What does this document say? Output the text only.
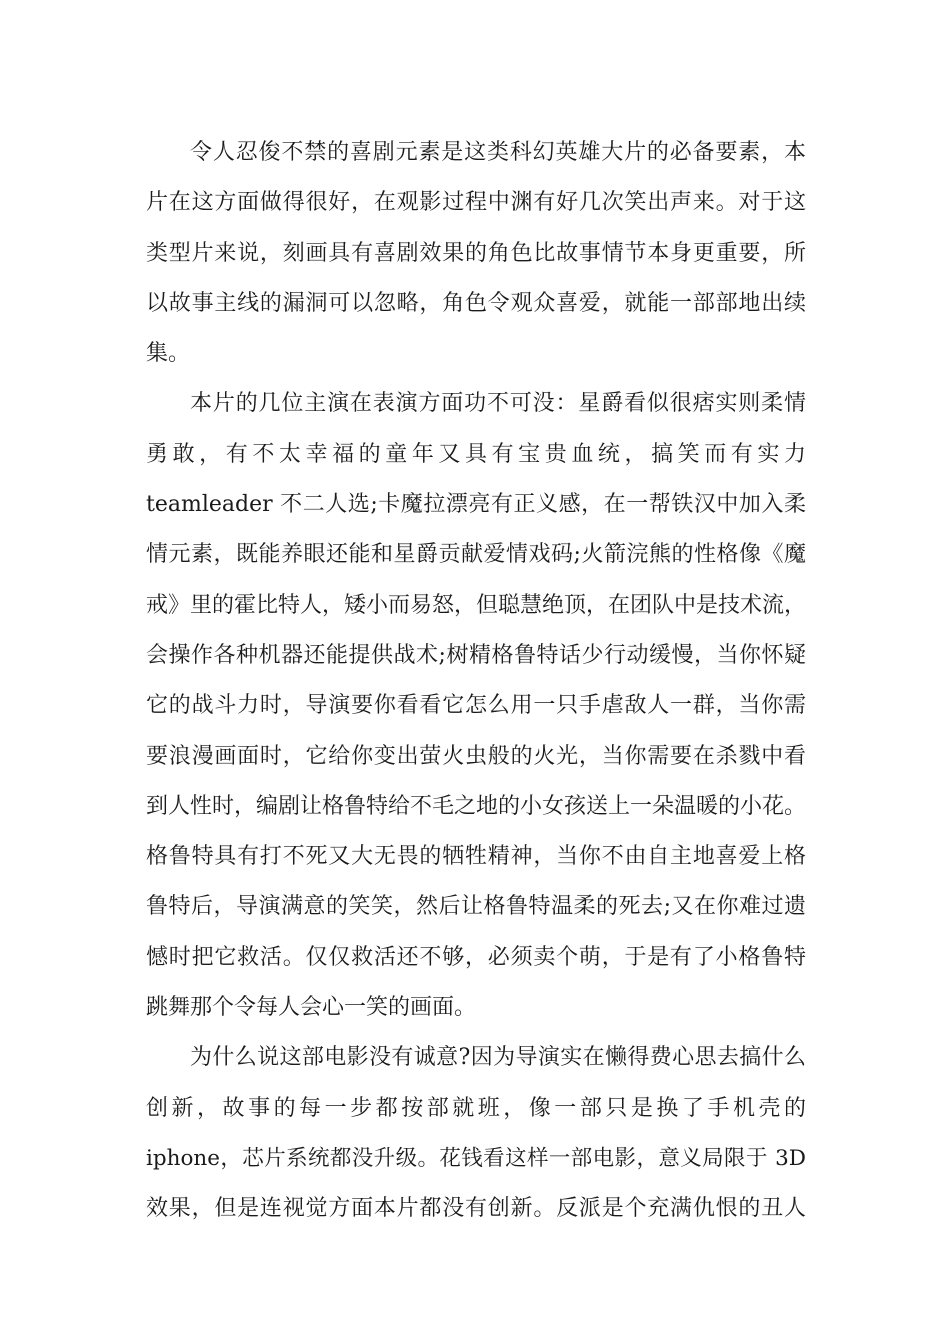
令人忍俊不禁的喜剧元素是这类科幻英雄大片的必备要素，本
片在这方面做得很好，在观影过程中渊有好几次笑出声来。对于这
类型片来说，刻画具有喜剧效果的角色比故事情节本身更重要，所
以故事主线的漏洞可以忽略，角色令观众喜爱，就能一部部地出续
集。
本片的几位主演在表演方面功不可没：星爵看似很痞实则柔情
勇敢，有不太幸福的童年又具有宝贵血统，搞笑而有实力
teamleader 不二人选;卡魔拉漂亮有正义感，在一帮铁汉中加入柔
情元素，既能养眼还能和星爵贡献爱情戏码;火箭浣熊的性格像《魔
戒》里的霍比特人，矮小而易怒，但聪慧绝顶，在团队中是技术流，
会操作各种机器还能提供战术;树精格鲁特话少行动缓慢，当你怀疑
它的战斗力时，导演要你看看它怎么用一只手虐敌人一群，当你需
要浪漫画面时，它给你变出萤火虫般的火光，当你需要在杀戮中看
到人性时，编剧让格鲁特给不毛之地的小女孩送上一朵温暖的小花。
格鲁特具有打不死又大无畏的牺牲精神，当你不由自主地喜爱上格
鲁特后，导演满意的笑笑，然后让格鲁特温柔的死去;又在你难过遗
憾时把它救活。仅仅救活还不够，必须卖个萌，于是有了小格鲁特
跳舞那个令每人会心一笑的画面。
为什么说这部电影没有诚意?因为导演实在懒得费心思去搞什么
创新，故事的每一步都按部就班，像一部只是换了手机壳的
iphone，芯片系统都没升级。花钱看这样一部电影，意义局限于 3D
效果，但是连视觉方面本片都没有创新。反派是个充满仇恨的丑人
